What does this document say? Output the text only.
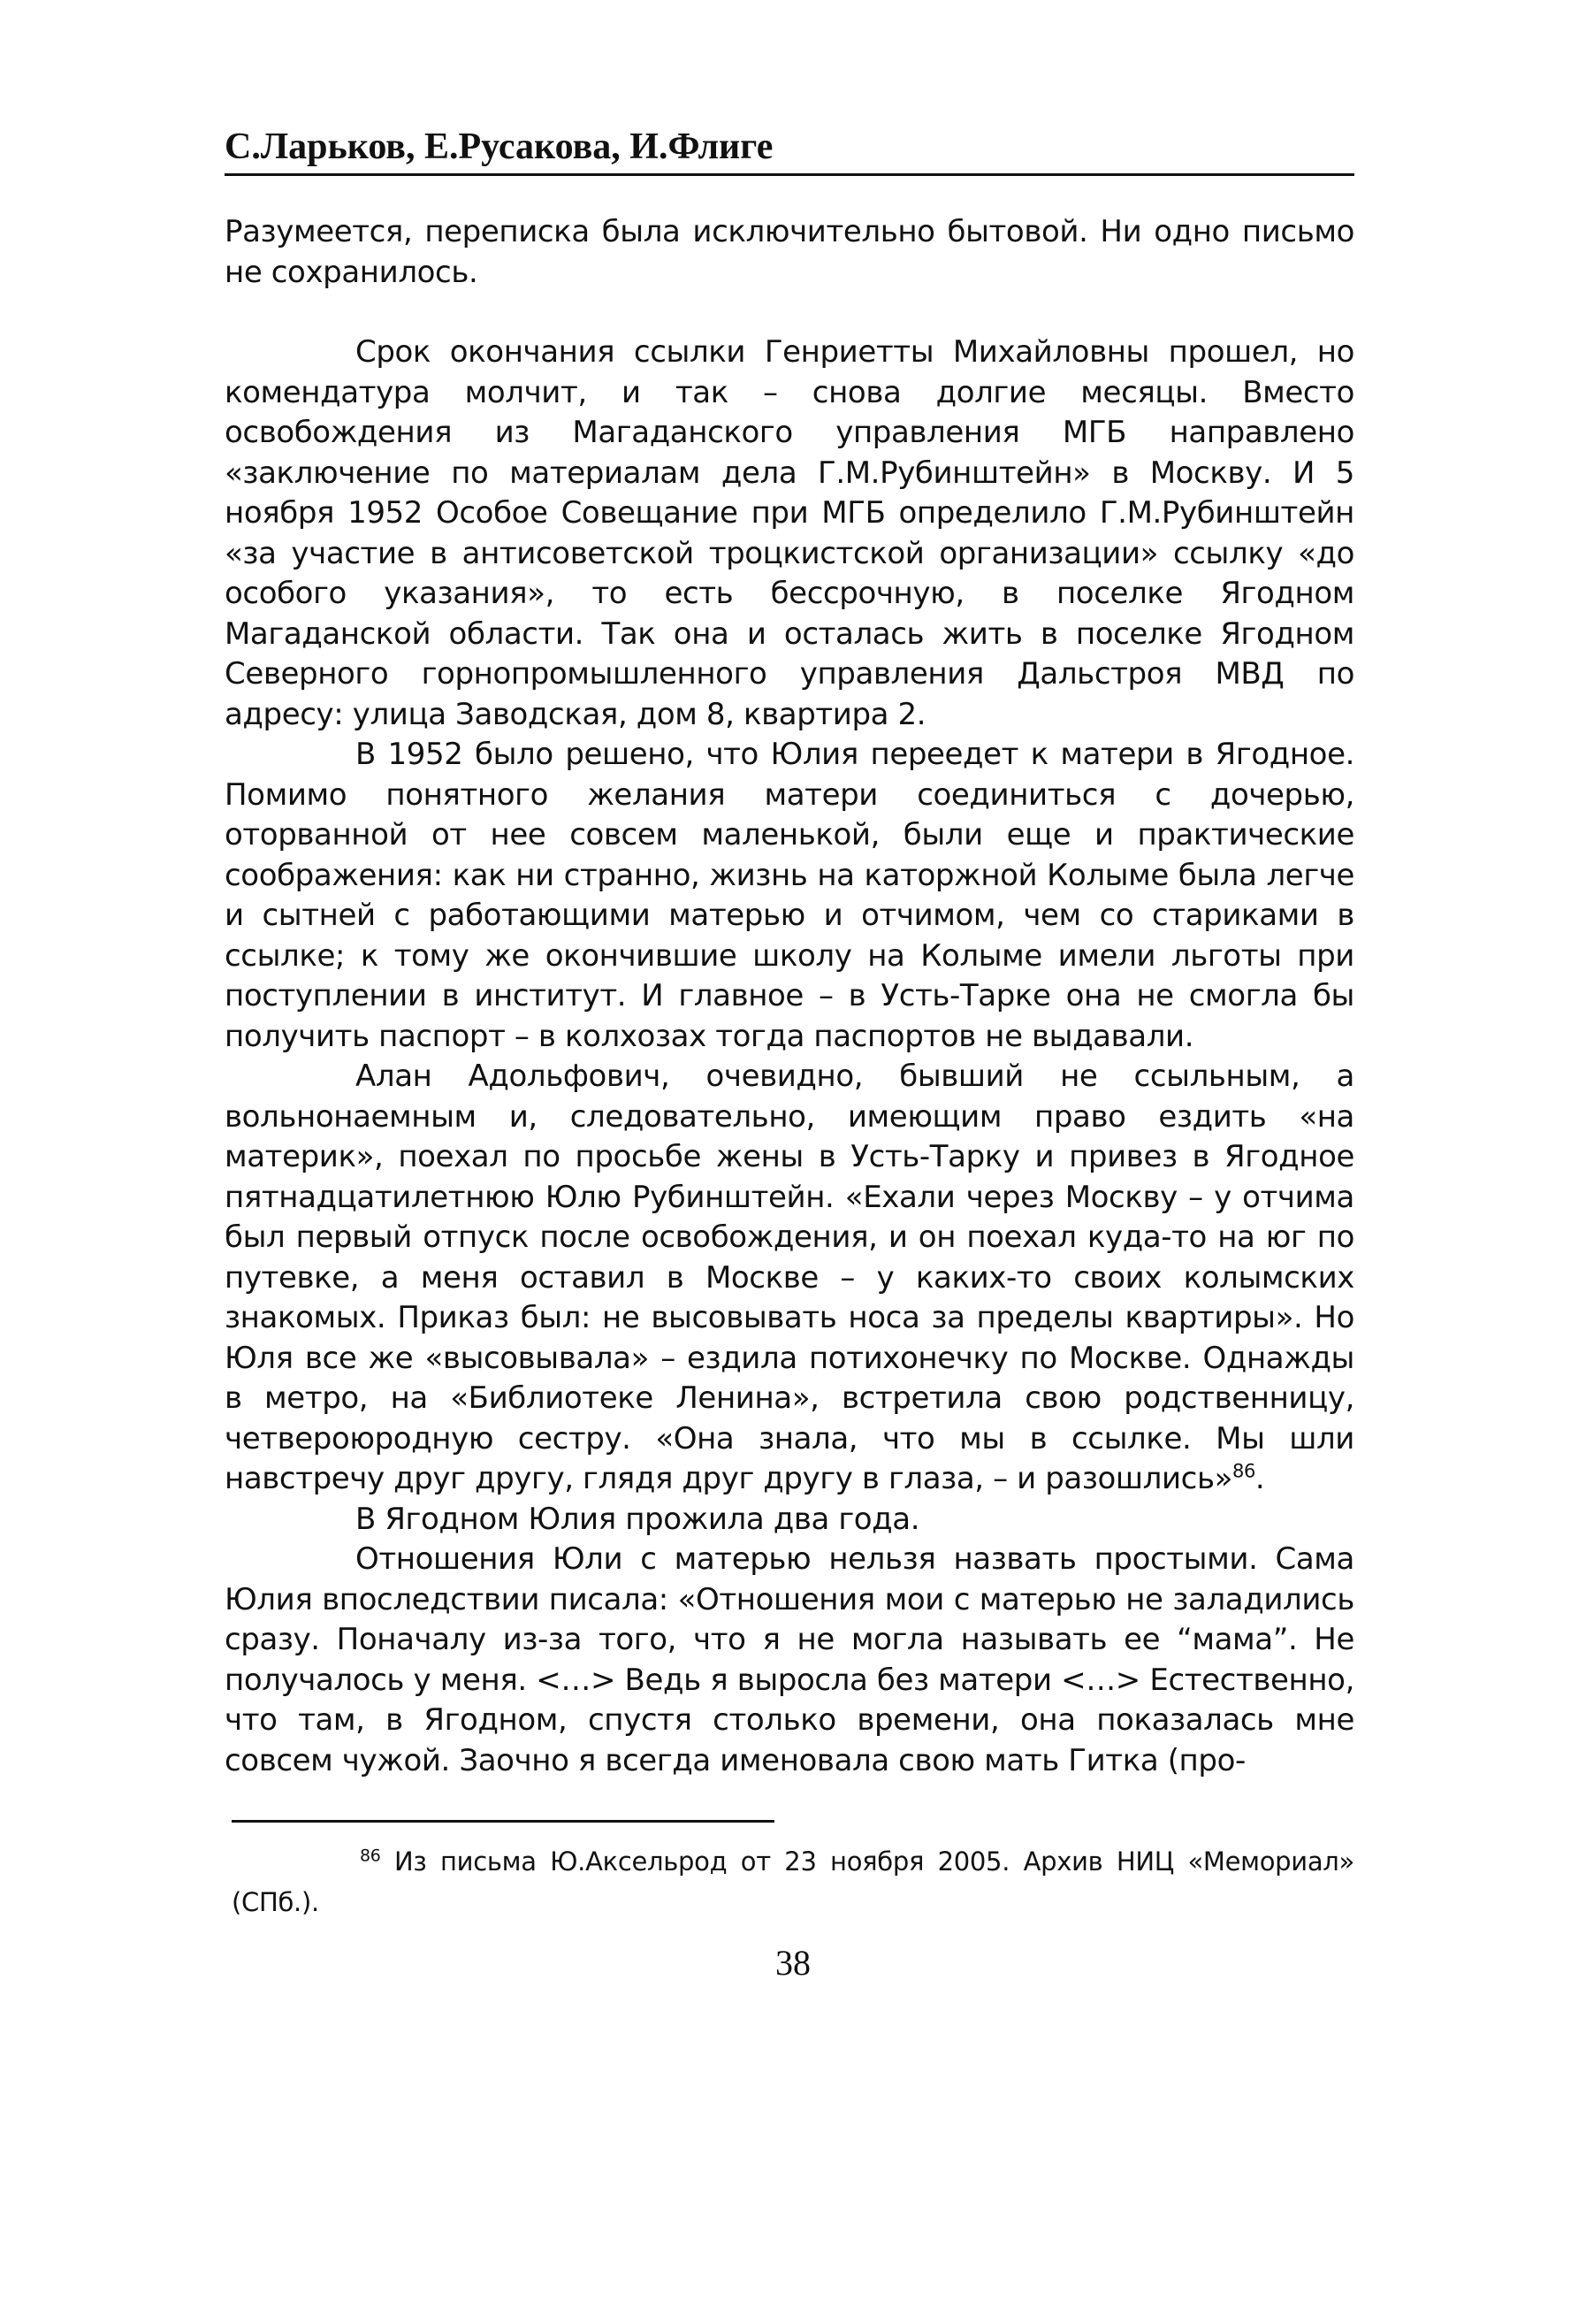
С.Ларьков, Е.Русакова, И.Флиге

Разумеется, переписка была исключительно бытовой. Ни одно письмо не сохранилось.

Срок окончания ссылки Генриетты Михайловны прошел, но комендатура молчит, и так – снова долгие месяцы. Вместо освобождения из Магаданского управления МГБ направлено «заключение по материалам дела Г.М.Рубинштейн» в Москву. И 5 ноября 1952 Особое Совещание при МГБ определило Г.М.Рубинштейн «за участие в антисоветской троцкистской организации» ссылку «до особого указания», то есть бессрочную, в поселке Ягодном Магаданской области. Так она и осталась жить в поселке Ягодном Северного горнопромышленного управления Дальстроя МВД по адресу: улица Заводская, дом 8, квартира 2.

В 1952 было решено, что Юлия переедет к матери в Ягодное. Помимо понятного желания матери соединиться с дочерью, оторванной от нее совсем маленькой, были еще и практические соображения: как ни странно, жизнь на каторжной Колыме была легче и сытней с работающими матерью и отчимом, чем со стариками в ссылке; к тому же окончившие школу на Колыме имели льготы при поступлении в институт. И главное – в Усть-Тарке она не смогла бы получить паспорт – в колхозах тогда паспортов не выдавали.

Алан Адольфович, очевидно, бывший не ссыльным, а вольнонаемным и, следовательно, имеющим право ездить «на материк», поехал по просьбе жены в Усть-Тарку и привез в Ягодное пятнадцатилетнюю Юлю Рубинштейн. «Ехали через Москву – у отчима был первый отпуск после освобождения, и он поехал куда-то на юг по путевке, а меня оставил в Москве – у каких-то своих колымских знакомых. Приказ был: не высовывать носа за пределы квартиры». Но Юля все же «высовывала» – ездила потихонечку по Москве. Однажды в метро, на «Библиотеке Ленина», встретила свою родственницу, четвероюродную сестру. «Она знала, что мы в ссылке. Мы шли навстречу друг другу, глядя друг другу в глаза, – и разошлись»$^{86}$.

В Ягодном Юлия прожила два года.

Отношения Юли с матерью нельзя назвать простыми. Сама Юлия впоследствии писала: «Отношения мои с матерью не заладились сразу. Поначалу из-за того, что я не могла называть ее “мама”. Не получалось у меня. <…> Ведь я выросла без матери <…> Естественно, что там, в Ягодном, спустя столько времени, она показалась мне совсем чужой. Заочно я всегда именовала свою мать Гитка (про-

$^{86}$ Из письма Ю.Аксельрод от 23 ноября 2005. Архив НИЦ «Мемориал» (СПб.).

38
